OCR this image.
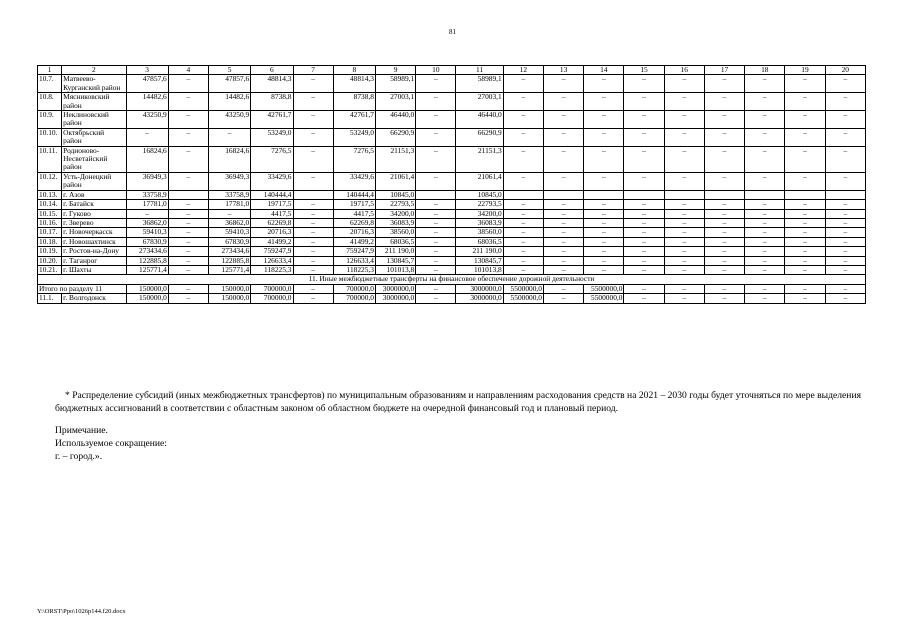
81
1	2	3	4	5	6	7	8	9	10	11	12	13	14	15	16	17	18	19	20
10.7.	Матвеево-Курганский район	47857,6	–	47857,6	48814,3	–	48814,3	58989,1	–	58989,1	–	–	–	–	–	–	–	–	–
10.8.	Мясниковский район	14482,6	–	14482,6	8738,8	–	8738,8	27003,1	–	27003,1	–	–	–	–	–	–	–	–	–
10.9.	Неклиновский район	43250,9	–	43250,9	42761,7	–	42761,7	46440,0	–	46440,0	–	–	–	–	–	–	–	–	–
10.10.	Октябрьский район	–	–	–	53249,0	–	53249,0	66290,9	–	66290,9	–	–	–	–	–	–	–	–	–
10.11.	Родионово-Несветайский район	16824,6	–	16824,6	7276,5	–	7276,5	21151,3	–	21151,3	–	–	–	–	–	–	–	–	–
10.12.	Усть-Донецкий район	36949,3	–	36949,3	33429,6	–	33429,6	21061,4	–	21061,4	–	–	–	–	–	–	–	–	–
10.13.	г. Азов	33758,9		33758,9	140444,4		140444,4	10845,0		10845,0									
10.14.	г. Батайск	17781,0	–	17781,0	19717,5	–	19717,5	22793,5	–	22793,5	–	–	–	–	–	–	–	–	–
10.15.	г. Гуково	–	–	–	4417,5	–	4417,5	34200,0	–	34200,0	–	–	–	–	–	–	–	–	–
10.16.	г. Зверево	36862,0	–	36862,0	62269,8	–	62269,8	36083,9	–	36083,9	–	–	–	–	–	–	–	–	–
10.17.	г. Новочеркасск	59410,3	–	59410,3	20716,3	–	20716,3	38560,0	–	38560,0	–	–	–	–	–	–	–	–	–
10.18.	г. Новошахтинск	67830,9	–	67830,9	41499,2	–	41499,2	68036,5	–	68036,5	–	–	–	–	–	–	–	–	–
10.19.	г. Ростов-на-Дону	273434,6	–	273434,6	759247,9	–	759247,9	211 190,0	–	211 190,0	–	–	–	–	–	–	–	–	–
10.20.	г. Таганрог	122885,8	–	122885,8	126633,4	–	126633,4	130845,7	–	130845,7	–	–	–	–	–	–	–	–	–
10.21.	г. Шахты	125771,4	–	125771,4	118225,3	–	118225,3	101013,8	–	101013,8	–	–	–	–	–	–	–	–	–
11. Иные межбюджетные трансферты на финансовое обеспечение дорожной деятельности																			
Итого по разделу 11		150000,0	–	150000,0	700000,0	–	700000,0	3000000,0	–	3000000,0	5500000,0	–	5500000,0	–	–	–	–	–	–
11.1.	г. Волгодонск	150000,0	–	150000,0	700000,0	–	700000,0	3000000,0	–	3000000,0	5500000,0	–	5500000,0	–	–	–	–	–	–
* Распределение субсидий (иных межбюджетных трансфертов) по муниципальным образованиям и направлениям расходования средств на 2021 – 2030 годы будет уточняться по мере выделения бюджетных ассигнований в соответствии с областным законом об областном бюджете на очередной финансовый год и плановый период.
Примечание.
Используемое сокращение:
г. – город.».
Y:\ORST\Ppo\1026p144.f20.docx
